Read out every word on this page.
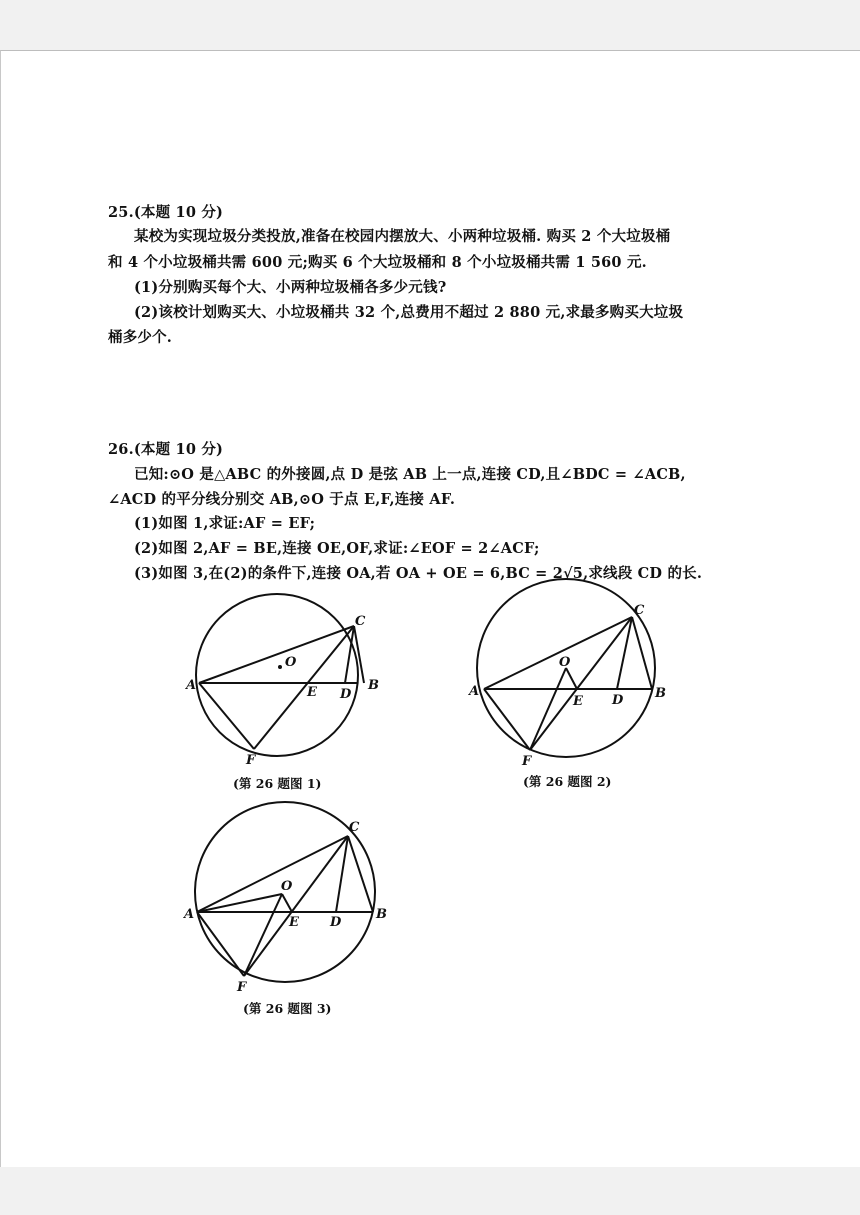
25.(本题 10 分)
某校为实现垃圾分类投放,准备在校园内摆放大、小两种垃圾桶. 购买 2 个大垃圾桶
和 4 个小垃圾桶共需 600 元;购买 6 个大垃圾桶和 8 个小垃圾桶共需 1 560 元.
(1)分别购买每个大、小两种垃圾桶各多少元钱?
(2)该校计划购买大、小垃圾桶共 32 个,总费用不超过 2 880 元,求最多购买大垃圾
桶多少个.
26.(本题 10 分)
已知:⊙O 是△ABC 的外接圆,点 D 是弦 AB 上一点,连接 CD,且∠BDC = ∠ACB,
∠ACD 的平分线分别交 AB,⊙O 于点 E,F,连接 AF.
(1)如图 1,求证:AF = EF;
(2)如图 2,AF = BE,连接 OE,OF,求证:∠EOF = 2∠ACF;
(3)如图 3,在(2)的条件下,连接 OA,若 OA + OE = 6,BC = 2√5,求线段 CD 的长.
A	B
C
D
E
F
O
(第 26 题图 1)
A	B
C
D
E
F
O
(第 26 题图 2)
A	B
C
D
E
F
O
(第 26 题图 3)
